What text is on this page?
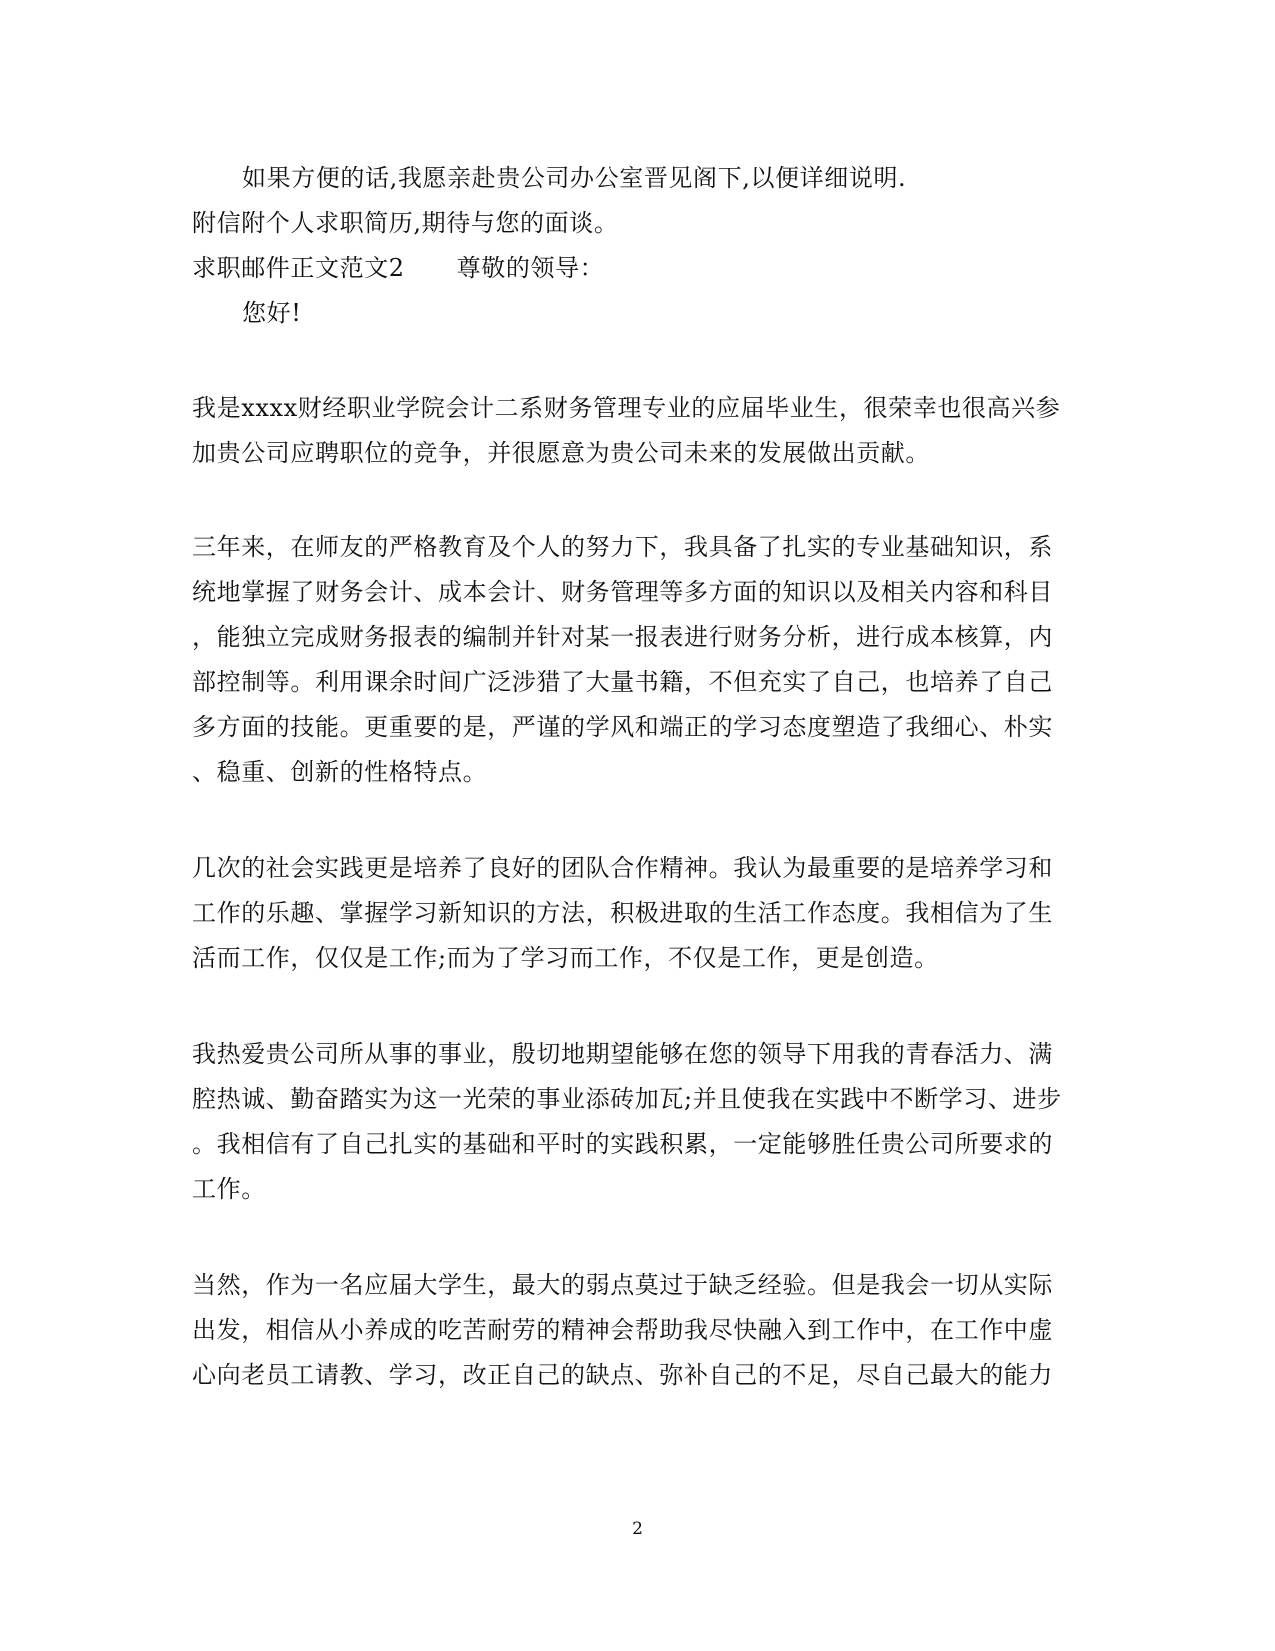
如果方便的话,我愿亲赴贵公司办公室晋见阁下,以便详细说明.
附信附个人求职简历,期待与您的面谈。
求职邮件正文范文2 尊敬的领导：
您好!
我是xxxx财经职业学院会计二系财务管理专业的应届毕业生，很荣幸也很高兴参
加贵公司应聘职位的竞争，并很愿意为贵公司未来的发展做出贡献。
三年来，在师友的严格教育及个人的努力下，我具备了扎实的专业基础知识，系
统地掌握了财务会计、成本会计、财务管理等多方面的知识以及相关内容和科目
，能独立完成财务报表的编制并针对某一报表进行财务分析，进行成本核算，内
部控制等。利用课余时间广泛涉猎了大量书籍，不但充实了自己，也培养了自己
多方面的技能。更重要的是，严谨的学风和端正的学习态度塑造了我细心、朴实
、稳重、创新的性格特点。
几次的社会实践更是培养了良好的团队合作精神。我认为最重要的是培养学习和
工作的乐趣、掌握学习新知识的方法，积极进取的生活工作态度。我相信为了生
活而工作，仅仅是工作;而为了学习而工作，不仅是工作，更是创造。
我热爱贵公司所从事的事业，殷切地期望能够在您的领导下用我的青春活力、满
腔热诚、勤奋踏实为这一光荣的事业添砖加瓦;并且使我在实践中不断学习、进步
。我相信有了自己扎实的基础和平时的实践积累，一定能够胜任贵公司所要求的
工作。
当然，作为一名应届大学生，最大的弱点莫过于缺乏经验。但是我会一切从实际
出发，相信从小养成的吃苦耐劳的精神会帮助我尽快融入到工作中，在工作中虚
心向老员工请教、学习，改正自己的缺点、弥补自己的不足，尽自己最大的能力
2
